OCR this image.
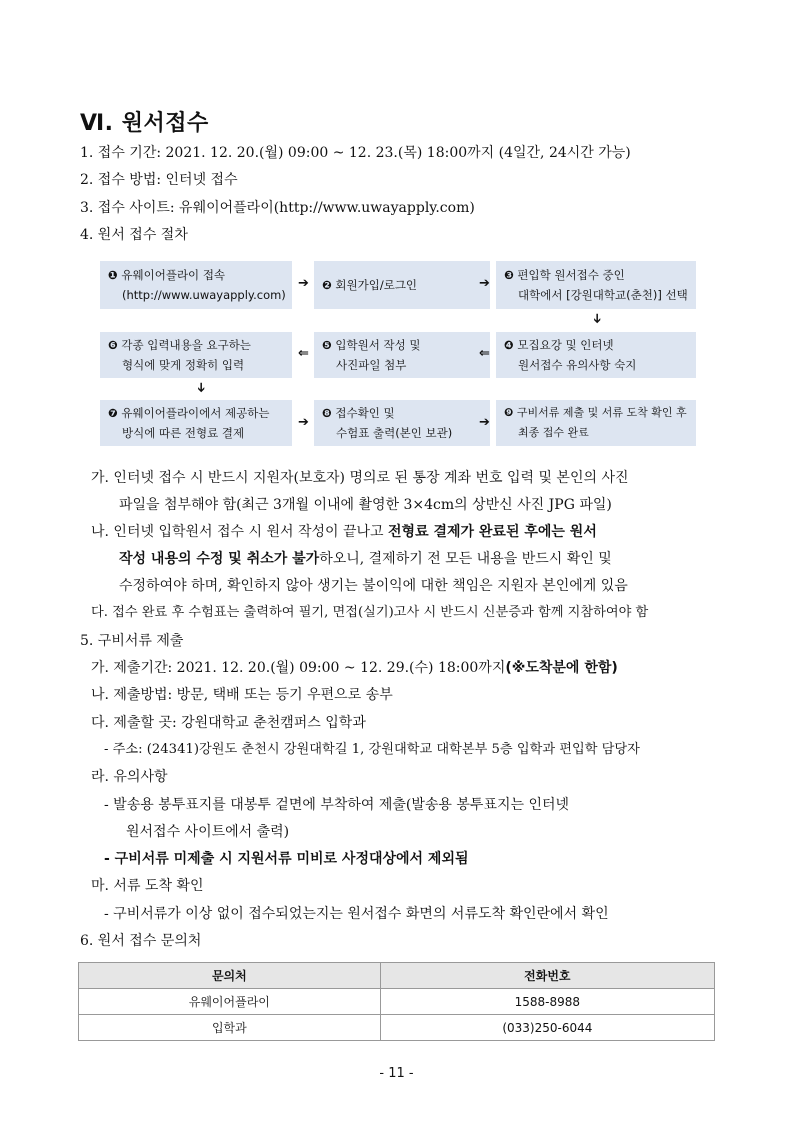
Ⅵ. 원서접수
1. 접수 기간: 2021. 12. 20.(월) 09:00 ~ 12. 23.(목) 18:00까지 (4일간, 24시간 가능)
2. 접수 방법: 인터넷 접수
3. 접수 사이트: 유웨이어플라이(http://www.uwayapply.com)
4. 원서 접수 절차
❶ 유웨이어플라이 접속
(http://www.uwayapply.com)
➔	❷ 회원가입/로그인	➔
❸ 편입학 원서접수 중인
대학에서 [강원대학교(춘천)] 선택
➔
❻ 각종 입력내용을 요구하는
형식에 맞게 정확히 입력
⇐
❺ 입학원서 작성 및
사진파일 첨부
⇐
❹ 모집요강 및 인터넷
원서접수 유의사항 숙지
➔
❼ 유웨이어플라이에서 제공하는
방식에 따른 전형료 결제
➔
❽ 접수확인 및
수험표 출력(본인 보관)
➔
❾ 구비서류 제출 및 서류 도착 확인 후
최종 접수 완료
가. 인터넷 접수 시 반드시 지원자(보호자) 명의로 된 통장 계좌 번호 입력 및 본인의 사진
파일을 첨부해야 함(최근 3개월 이내에 촬영한 3×4cm의 상반신 사진 JPG 파일)
나. 인터넷 입학원서 접수 시 원서 작성이 끝나고 전형료 결제가 완료된 후에는 원서
작성 내용의 수정 및 취소가 불가하오니, 결제하기 전 모든 내용을 반드시 확인 및
수정하여야 하며, 확인하지 않아 생기는 불이익에 대한 책임은 지원자 본인에게 있음
다. 접수 완료 후 수험표는 출력하여 필기, 면접(실기)고사 시 반드시 신분증과 함께 지참하여야 함
5. 구비서류 제출
가. 제출기간: 2021. 12. 20.(월) 09:00 ~ 12. 29.(수) 18:00까지(※도착분에 한함)
나. 제출방법: 방문, 택배 또는 등기 우편으로 송부
다. 제출할 곳: 강원대학교 춘천캠퍼스 입학과
- 주소: (24341)강원도 춘천시 강원대학길 1, 강원대학교 대학본부 5층 입학과 편입학 담당자
라. 유의사항
- 발송용 봉투표지를 대봉투 겉면에 부착하여 제출(발송용 봉투표지는 인터넷
원서접수 사이트에서 출력)
- 구비서류 미제출 시 지원서류 미비로 사정대상에서 제외됨
마. 서류 도착 확인
- 구비서류가 이상 없이 접수되었는지는 원서접수 화면의 서류도착 확인란에서 확인
6. 원서 접수 문의처
문의처	전화번호
유웨이어플라이	1588-8988
입학과	(033)250-6044
- 11 -
